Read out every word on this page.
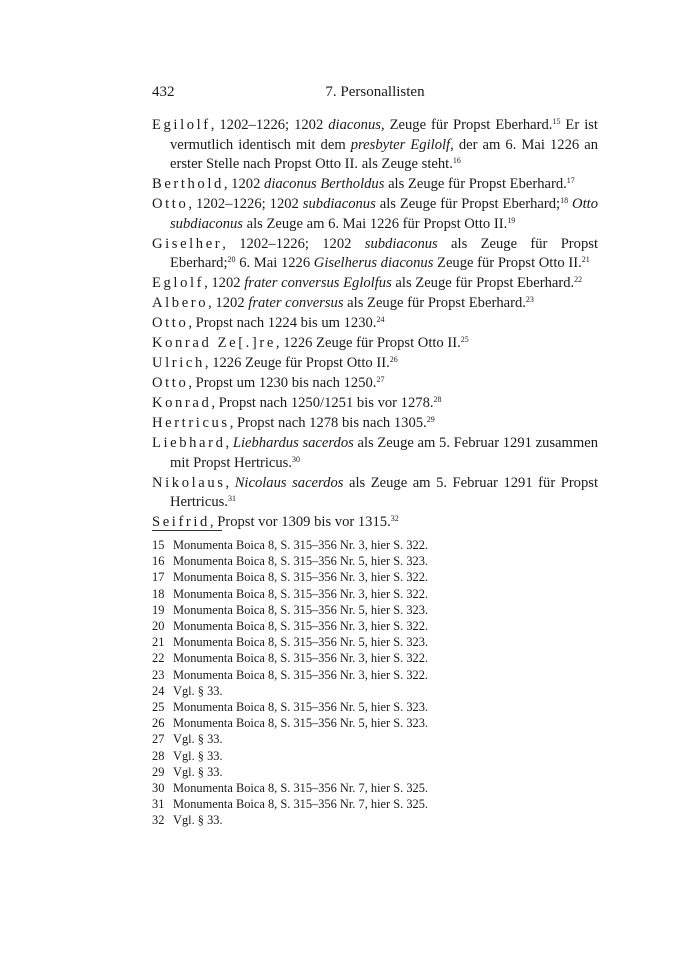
432	7. Personallisten

Egilolf, 1202–1226; 1202 diaconus, Zeuge für Propst Eberhard.$^{15}$ Er ist vermutlich identisch mit dem presbyter Egilolf, der am 6. Mai 1226 an erster Stelle nach Propst Otto II. als Zeuge steht.$^{16}$

Berthold, 1202 diaconus Bertholdus als Zeuge für Propst Eberhard.$^{17}$

Otto, 1202–1226; 1202 subdiaconus als Zeuge für Propst Eberhard;$^{18}$ Otto subdiaconus als Zeuge am 6. Mai 1226 für Propst Otto II.$^{19}$

Giselher, 1202–1226; 1202 subdiaconus als Zeuge für Propst Eberhard;$^{20}$ 6. Mai 1226 Giselherus diaconus Zeuge für Propst Otto II.$^{21}$

Eglolf, 1202 frater conversus Eglolfus als Zeuge für Propst Eberhard.$^{22}$

Albero, 1202 frater conversus als Zeuge für Propst Eberhard.$^{23}$

Otto, Propst nach 1224 bis um 1230.24

Konrad Ze[.]re, 1226 Zeuge für Propst Otto II.$^{25}$

Ulrich, 1226 Zeuge für Propst Otto II.$^{26}$

Otto, Propst um 1230 bis nach 1250.27

Konrad, Propst nach 1250/1251 bis vor 1278.28

Hertricus, Propst nach 1278 bis nach 1305.29

Liebhard, Liebhardus sacerdos als Zeuge am 5. Februar 1291 zusammen mit Propst Hertricus.$^{30}$

Nikolaus, Nicolaus sacerdos als Zeuge am 5. Februar 1291 für Propst Hertricus.$^{31}$

Seifrid, Propst vor 1309 bis vor 1315.32

15 Monumenta Boica 8, S. 315–356 Nr. 3, hier S. 322.
16 Monumenta Boica 8, S. 315–356 Nr. 5, hier S. 323.
17 Monumenta Boica 8, S. 315–356 Nr. 3, hier S. 322.
18 Monumenta Boica 8, S. 315–356 Nr. 3, hier S. 322.
19 Monumenta Boica 8, S. 315–356 Nr. 5, hier S. 323.
20 Monumenta Boica 8, S. 315–356 Nr. 3, hier S. 322.
21 Monumenta Boica 8, S. 315–356 Nr. 5, hier S. 323.
22 Monumenta Boica 8, S. 315–356 Nr. 3, hier S. 322.
23 Monumenta Boica 8, S. 315–356 Nr. 3, hier S. 322.
24 Vgl. § 33.
25 Monumenta Boica 8, S. 315–356 Nr. 5, hier S. 323.
26 Monumenta Boica 8, S. 315–356 Nr. 5, hier S. 323.
27 Vgl. § 33.
28 Vgl. § 33.
29 Vgl. § 33.
30 Monumenta Boica 8, S. 315–356 Nr. 7, hier S. 325.
31 Monumenta Boica 8, S. 315–356 Nr. 7, hier S. 325.
32 Vgl. § 33.
